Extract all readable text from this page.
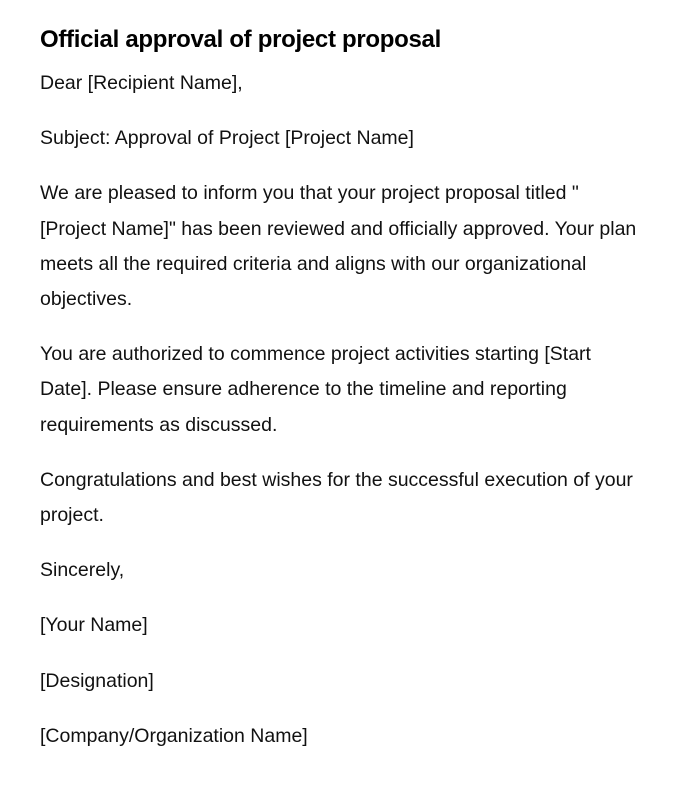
Official approval of project proposal

Dear [Recipient Name],

Subject: Approval of Project [Project Name]

We are pleased to inform you that your project proposal titled "[Project Name]" has been reviewed and officially approved. Your plan meets all the required criteria and aligns with our organizational objectives.

You are authorized to commence project activities starting [Start Date]. Please ensure adherence to the timeline and reporting requirements as discussed.

Congratulations and best wishes for the successful execution of your project.

Sincerely,

[Your Name]

[Designation]

[Company/Organization Name]
